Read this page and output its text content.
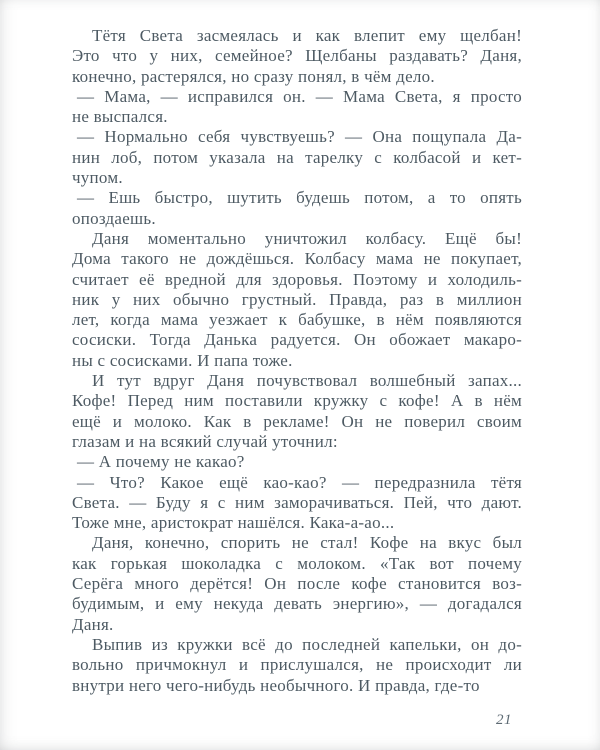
Тётя Света засмеялась и как влепит ему щелбан!
Это что у них, семейное? Щелбаны раздавать? Даня,
конечно, растерялся, но сразу понял, в чём дело.
— Мама, — исправился он. — Мама Света, я просто
не выспался.
— Нормально себя чувствуешь? — Она пощупала Да-
нин лоб, потом указала на тарелку с колбасой и кет-
чупом.
— Ешь быстро, шутить будешь потом, а то опять
опоздаешь.
Даня моментально уничтожил колбасу. Ещё бы!
Дома такого не дождёшься. Колбасу мама не покупает,
считает её вредной для здоровья. Поэтому и холодиль-
ник у них обычно грустный. Правда, раз в миллион
лет, когда мама уезжает к бабушке, в нём появляются
сосиски. Тогда Данька радуется. Он обожает макаро-
ны с сосисками. И папа тоже.
И тут вдруг Даня почувствовал волшебный запах...
Кофе! Перед ним поставили кружку с кофе! А в нём
ещё и молоко. Как в рекламе! Он не поверил своим
глазам и на всякий случай уточнил:
— А почему не какао?
— Что? Какое ещё као-као? — передразнила тётя
Света. — Буду я с ним заморачиваться. Пей, что дают.
Тоже мне, аристократ нашёлся. Кака-а-ао...
Даня, конечно, спорить не стал! Кофе на вкус был
как горькая шоколадка с молоком. «Так вот почему
Серёга много дерётся! Он после кофе становится воз-
будимым, и ему некуда девать энергию», — догадался
Даня.
Выпив из кружки всё до последней капельки, он до-
вольно причмокнул и прислушался, не происходит ли
внутри него чего-нибудь необычного. И правда, где-то
21
